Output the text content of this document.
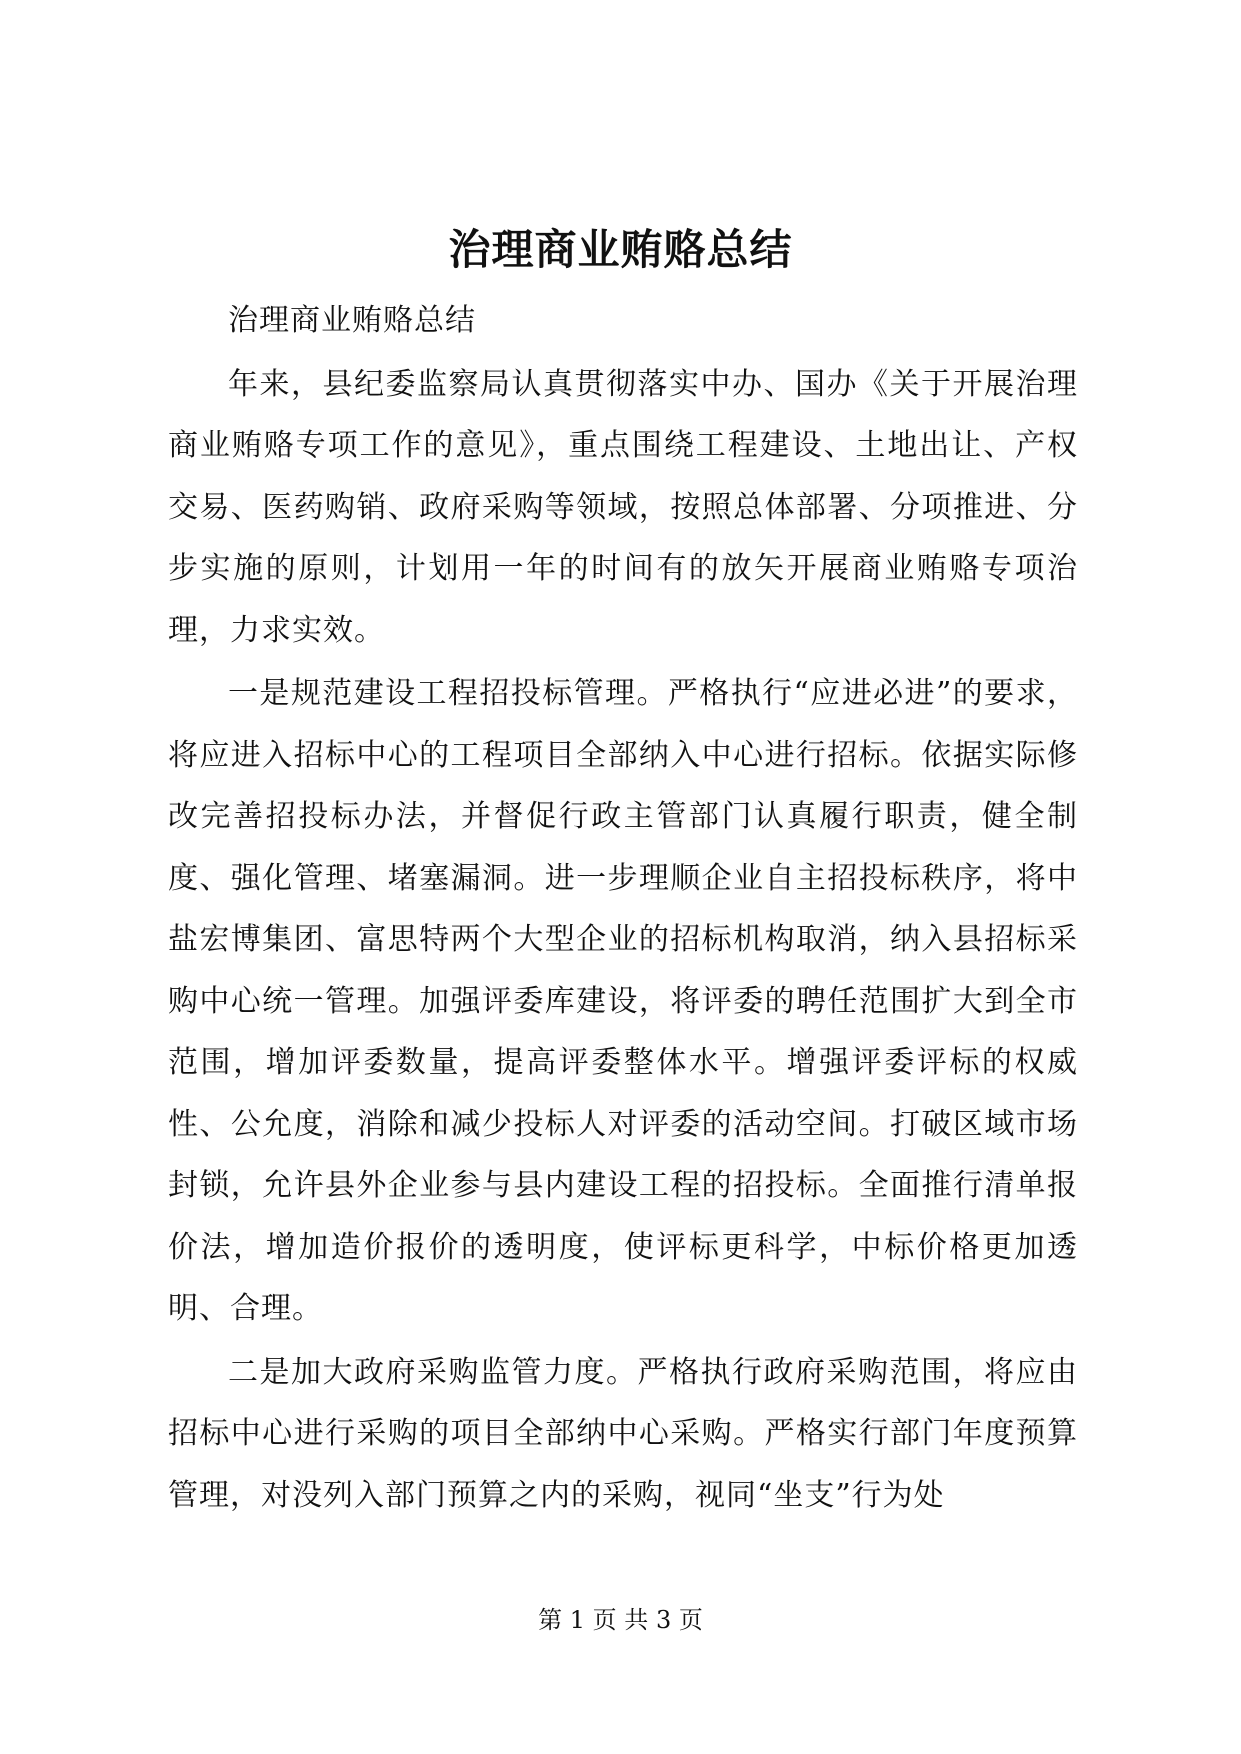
治理商业贿赂总结

治理商业贿赂总结

年来，县纪委监察局认真贯彻落实中办、国办《关于开展治理商业贿赂专项工作的意见》，重点围绕工程建设、土地出让、产权交易、医药购销、政府采购等领域，按照总体部署、分项推进、分步实施的原则，计划用一年的时间有的放矢开展商业贿赂专项治理，力求实效。

一是规范建设工程招投标管理。严格执行“应进必进”的要求，将应进入招标中心的工程项目全部纳入中心进行招标。依据实际修改完善招投标办法，并督促行政主管部门认真履行职责，健全制度、强化管理、堵塞漏洞。进一步理顺企业自主招投标秩序，将中盐宏博集团、富思特两个大型企业的招标机构取消，纳入县招标采购中心统一管理。加强评委库建设，将评委的聘任范围扩大到全市范围，增加评委数量，提高评委整体水平。增强评委评标的权威性、公允度，消除和减少投标人对评委的活动空间。打破区域市场封锁，允许县外企业参与县内建设工程的招投标。全面推行清单报价法，增加造价报价的透明度，使评标更科学，中标价格更加透明、合理。

二是加大政府采购监管力度。严格执行政府采购范围，将应由招标中心进行采购的项目全部纳中心采购。严格实行部门年度预算管理，对没列入部门预算之内的采购，视同“坐支”行为处

第 1 页 共 3 页
